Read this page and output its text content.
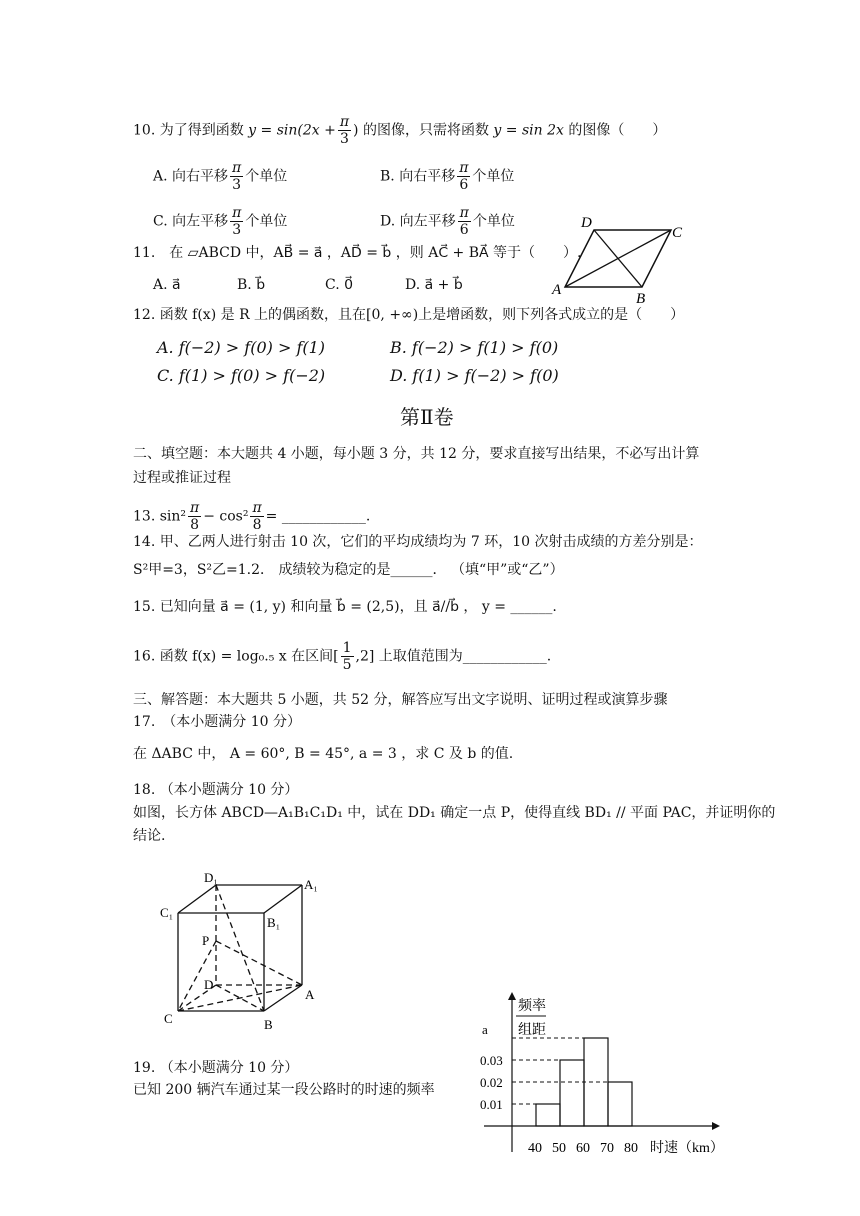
10. 为了得到函数 $y = \sin(2x + \frac{\pi}{3}$ ) 的图像，只需将函数 y = sin 2x 的图像（　　）
A. 向右平移 $\frac{\pi}{3}$ 个单位	B. 向右平移 $\frac{\pi}{6}$ 个单位
C. 向左平移 $\frac{\pi}{3}$ 个单位	D. 向左平移 $\frac{\pi}{6}$ 个单位	D
C
A
B
11.　在 ▱ABCD 中，AB⃗ = a⃗ ，AD⃗ = b⃗ ，则 AC⃗ + BA⃗ 等于（　　）.
A. a⃗	B. b⃗	C. 0⃗	D. a⃗ + b⃗
12. 函数 f(x) 是 R 上的偶函数，且在[0, +∞)上是增函数，则下列各式成立的是（　　）
A. f(−2) > f(0) > f(1)	B. f(−2) > f(1) > f(0)
C. f(1) > f(0) > f(−2)	D. f(1) > f(−2) > f(0)
第Ⅱ卷
二、填空题：本大题共 4 小题，每小题 3 分，共 12 分，要求直接写出结果，不必写出计算
过程或推证过程
13. $\sin^2 \frac{\pi}{8} - \cos^2 \frac{\pi}{8}$ = ____________.
14. 甲、乙两人进行射击 10 次，它们的平均成绩均为 7 环，10 次射击成绩的方差分别是：
S²甲=3，S²乙=1.2． 成绩较为稳定的是______． （填“甲”或“乙”）
15. 已知向量 a⃗ = (1, y) 和向量 b⃗ = (2,5)，且 a⃗//b⃗ ， y = ______.
16. 函数 f(x) = log₀.₅ x 在区间[ $\frac{1}{5} ,2$] 上取值范围为____________.
三、解答题：本大题共 5 小题，共 52 分，解答应写出文字说明、证明过程或演算步骤
17.　（本小题满分 10 分）
在 ΔABC 中， A = 60°, B = 45°, a = 3 ，求 C 及 b 的值.
18. （本小题满分 10 分）
如图，长方体 ABCD—A₁B₁C₁D₁ 中，试在 DD₁ 确定一点 P，使得直线 BD₁ // 平面 PAC，并证明你的
结论.
D₁	A₁
C₁
B₁
P
D
A
C	B
19. （本小题满分 10 分）
已知 200 辆汽车通过某一段公路时的时速的频率
频率
组距
0.01
0.02
0.03
a
40 50 60 70 80 时速（km）
